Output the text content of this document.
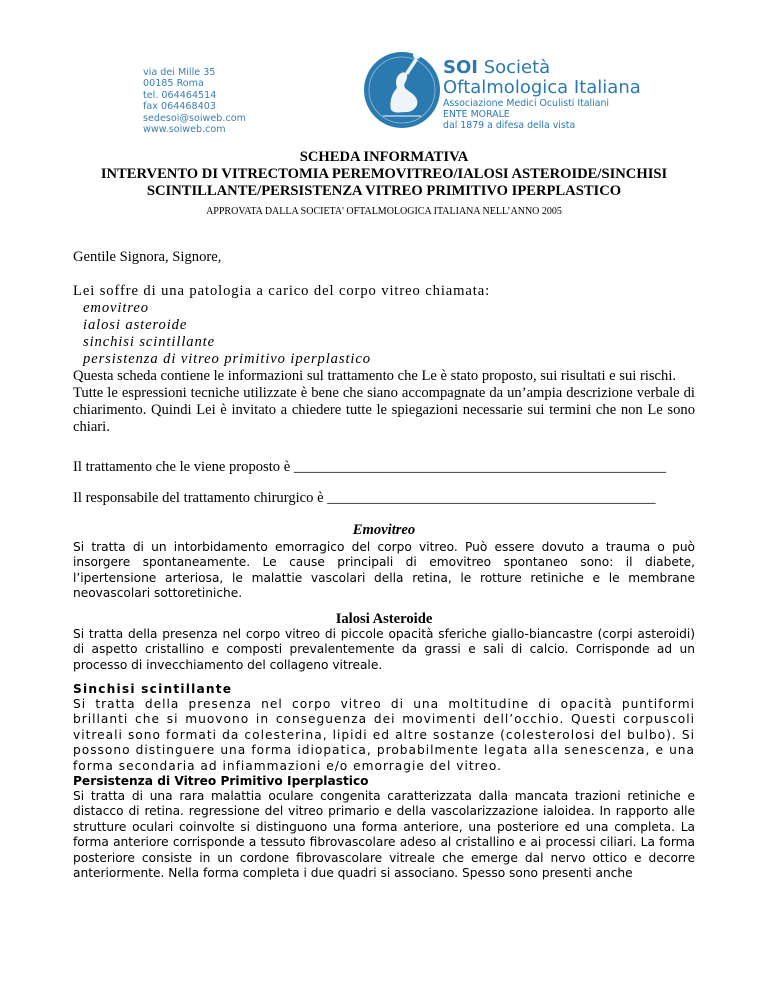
via dei Mille 35
00185 Roma
tel. 064464514
fax 064468403
sedesoi@soiweb.com
www.soiweb.com
SOI Società
Oftalmologica Italiana
Associazione Medici Oculisti Italiani
ENTE MORALE
dal 1879 a difesa della vista
SCHEDA INFORMATIVA
INTERVENTO DI VITRECTOMIA PEREMOVITREO/IALOSI ASTEROIDE/SINCHISI
SCINTILLANTE/PERSISTENZA VITREO PRIMITIVO IPERPLASTICO
APPROVATA DALLA SOCIETA' OFTALMOLOGICA ITALIANA NELL’ANNO 2005
Gentile Signora, Signore,
Lei soffre di una patologia a carico del corpo vitreo chiamata:
emovitreo
ialosi asteroide
sinchisi scintillante
persistenza di vitreo primitivo iperplastico
Questa scheda contiene le informazioni sul trattamento che Le è stato proposto, sui risultati e sui rischi.
Tutte le espressioni tecniche utilizzate è bene che siano accompagnate da un’ampia descrizione verbale di chiarimento. Quindi Lei è invitato a chiedere tutte le spiegazioni necessarie sui termini che non Le sono chiari.
Il trattamento che le viene proposto è ___________________________________________________
Il responsabile del trattamento chirurgico è _____________________________________________
Emovitreo
Si tratta di un intorbidamento emorragico del corpo vitreo. Può essere dovuto a trauma o può insorgere spontaneamente. Le cause principali di emovitreo spontaneo sono: il diabete, l’ipertensione arteriosa, le malattie vascolari della retina, le rotture retiniche e le membrane neovascolari sottoretiniche.
Ialosi Asteroide
Si tratta della presenza nel corpo vitreo di piccole opacità sferiche giallo-biancastre (corpi asteroidi) di aspetto cristallino e composti prevalentemente da grassi e sali di calcio. Corrisponde ad un processo di invecchiamento del collageno vitreale.
Sinchisi scintillante
Si tratta della presenza nel corpo vitreo di una moltitudine di opacità puntiformi brillanti che si muovono in conseguenza dei movimenti dell’occhio. Questi corpuscoli vitreali sono formati da colesterina, lipidi ed altre sostanze (colesterolosi del bulbo). Si possono distinguere una forma idiopatica, probabilmente legata alla senescenza, e una forma secondaria ad infiammazioni e/o emorragie del vitreo.
Persistenza di Vitreo Primitivo Iperplastico
Si tratta di una rara malattia oculare congenita caratterizzata dalla mancata trazioni retiniche e distacco di retina. regressione del vitreo primario e della vascolarizzazione ialoidea. In rapporto alle strutture oculari coinvolte si distinguono una forma anteriore, una posteriore ed una completa. La forma anteriore corrisponde a tessuto fibrovascolare adeso al cristallino e ai processi ciliari. La forma posteriore consiste in un cordone fibrovascolare vitreale che emerge dal nervo ottico e decorre anteriormente. Nella forma completa i due quadri si associano. Spesso sono presenti anche
